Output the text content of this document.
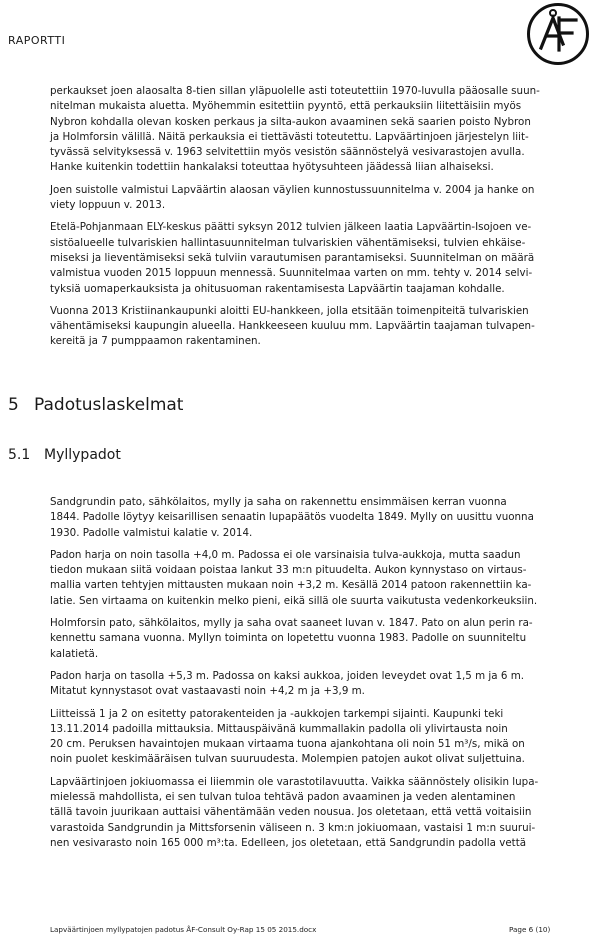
RAPORTTI

perkaukset joen alaosalta 8-tien sillan yläpuolelle asti toteutettiin 1970-luvulla pääosalle suun-
nitelman mukaista aluetta. Myöhemmin esitettiin pyyntö, että perkauksiin liitettäisiin myös
Nybron kohdalla olevan kosken perkaus ja silta-aukon avaaminen sekä saarien poisto Nybron
ja Holmforsin välillä. Näitä perkauksia ei tiettävästi toteutettu. Lapväärtinjoen järjestelyn liit-
tyvässä selvityksessä v. 1963 selvitettiin myös vesistön säännöstelyä vesivarastojen avulla.
Hanke kuitenkin todettiin hankalaksi toteuttaa hyötysuhteen jäädessä liian alhaiseksi.

Joen suistolle valmistui Lapväärtin alaosan väylien kunnostussuunnitelma v. 2004 ja hanke on
viety loppuun v. 2013.

Etelä-Pohjanmaan ELY-keskus päätti syksyn 2012 tulvien jälkeen laatia Lapväärtin-Isojoen ve-
sistöalueelle tulvariskien hallintasuunnitelman tulvariskien vähentämiseksi, tulvien ehkäise-
miseksi ja lieventämiseksi sekä tulviin varautumisen parantamiseksi. Suunnitelman on määrä
valmistua vuoden 2015 loppuun mennessä. Suunnitelmaa varten on mm. tehty v. 2014 selvi-
tyksiä uomaperkauksista ja ohitusuoman rakentamisesta Lapväärtin taajaman kohdalle.

Vuonna 2013 Kristiinankaupunki aloitti EU-hankkeen, jolla etsitään toimenpiteitä tulvariskien
vähentämiseksi kaupungin alueella. Hankkeeseen kuuluu mm. Lapväärtin taajaman tulvapen-
kereitä ja 7 pumppaamon rakentaminen.

5 Padotuslaskelmat
5.1 Myllypadot

Sandgrundin pato, sähkölaitos, mylly ja saha on rakennettu ensimmäisen kerran vuonna
1844. Padolle löytyy keisarillisen senaatin lupapäätös vuodelta 1849. Mylly on uusittu vuonna
1930. Padolle valmistui kalatie v. 2014.

Padon harja on noin tasolla +4,0 m. Padossa ei ole varsinaisia tulva-aukkoja, mutta saadun
tiedon mukaan siitä voidaan poistaa lankut 33 m:n pituudelta. Aukon kynnystaso on virtaus-
mallia varten tehtyjen mittausten mukaan noin +3,2 m. Kesällä 2014 patoon rakennettiin ka-
latie. Sen virtaama on kuitenkin melko pieni, eikä sillä ole suurta vaikutusta vedenkorkeuksiin.

Holmforsin pato, sähkölaitos, mylly ja saha ovat saaneet luvan v. 1847. Pato on alun perin ra-
kennettu samana vuonna. Myllyn toiminta on lopetettu vuonna 1983. Padolle on suunniteltu
kalatietä.

Padon harja on tasolla +5,3 m. Padossa on kaksi aukkoa, joiden leveydet ovat 1,5 m ja 6 m.
Mitatut kynnystasot ovat vastaavasti noin +4,2 m ja +3,9 m.

Liitteissä 1 ja 2 on esitetty patorakenteiden ja -aukkojen tarkempi sijainti. Kaupunki teki
13.11.2014 padoilla mittauksia. Mittauspäivänä kummallakin padolla oli ylivirtausta noin
20 cm. Peruksen havaintojen mukaan virtaama tuona ajankohtana oli noin 51 m³/s, mikä on
noin puolet keskimääräisen tulvan suuruudesta. Molempien patojen aukot olivat suljettuina.

Lapväärtinjoen jokiuomassa ei liiemmin ole varastotilavuutta. Vaikka säännöstely olisikin lupa-
mielessä mahdollista, ei sen tulvan tuloa tehtävä padon avaaminen ja veden alentaminen
tällä tavoin juurikaan auttaisi vähentämään veden nousua. Jos oletetaan, että vettä voitaisiin
varastoida Sandgrundin ja Mittsforsenin väliseen n. 3 km:n jokiuomaan, vastaisi 1 m:n suurui-
nen vesivarasto noin 165 000 m³:ta. Edelleen, jos oletetaan, että Sandgrundin padolla vettä

Lapväärtinjoen myllypatojen padotus ÅF-Consult Oy-Rap 15 05 2015.docx	Page 6 (10)
